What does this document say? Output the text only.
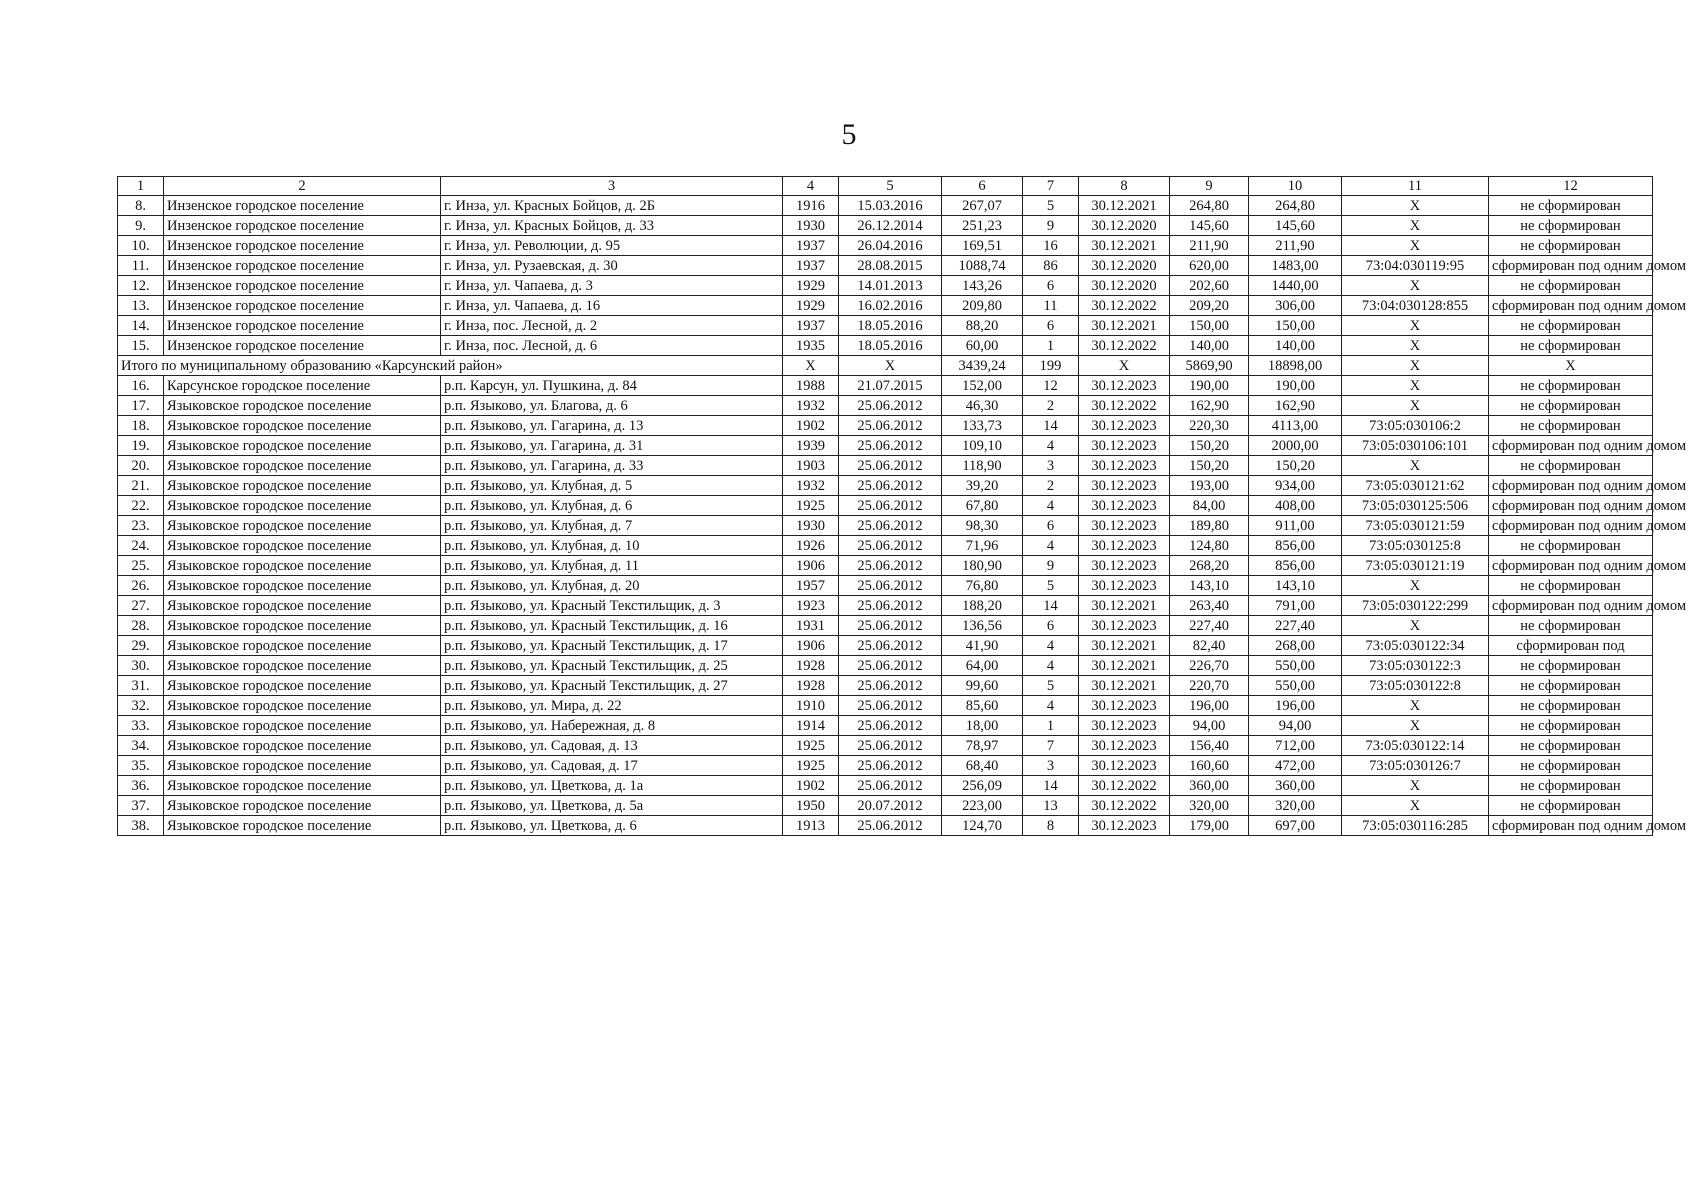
5
1	2	3	4	5	6	7	8	9	10	11	12
8.	Инзенское городское поселение	г. Инза, ул. Красных Бойцов, д. 2Б	1916	15.03.2016	267,07	5	30.12.2021	264,80	264,80	X	не сформирован
9.	Инзенское городское поселение	г. Инза, ул. Красных Бойцов, д. 33	1930	26.12.2014	251,23	9	30.12.2020	145,60	145,60	X	не сформирован
10.	Инзенское городское поселение	г. Инза, ул. Революции, д. 95	1937	26.04.2016	169,51	16	30.12.2021	211,90	211,90	X	не сформирован
11.	Инзенское городское поселение	г. Инза, ул. Рузаевская, д. 30	1937	28.08.2015	1088,74	86	30.12.2020	620,00	1483,00	73:04:030119:95	сформирован под одним домом
12.	Инзенское городское поселение	г. Инза, ул. Чапаева, д. 3	1929	14.01.2013	143,26	6	30.12.2020	202,60	1440,00	X	не сформирован
13.	Инзенское городское поселение	г. Инза, ул. Чапаева, д. 16	1929	16.02.2016	209,80	11	30.12.2022	209,20	306,00	73:04:030128:855	сформирован под одним домом
14.	Инзенское городское поселение	г. Инза, пос. Лесной, д. 2	1937	18.05.2016	88,20	6	30.12.2021	150,00	150,00	X	не сформирован
15.	Инзенское городское поселение	г. Инза, пос. Лесной, д. 6	1935	18.05.2016	60,00	1	30.12.2022	140,00	140,00	X	не сформирован
Итого по муниципальному образованию «Карсунский район»			X	X	3439,24	199	X	5869,90	18898,00	X	X
16.	Карсунское городское поселение	р.п. Карсун, ул. Пушкина, д. 84	1988	21.07.2015	152,00	12	30.12.2023	190,00	190,00	X	не сформирован
17.	Языковское городское поселение	р.п. Языково, ул. Благова, д. 6	1932	25.06.2012	46,30	2	30.12.2022	162,90	162,90	X	не сформирован
18.	Языковское городское поселение	р.п. Языково, ул. Гагарина, д. 13	1902	25.06.2012	133,73	14	30.12.2023	220,30	4113,00	73:05:030106:2	не сформирован
19.	Языковское городское поселение	р.п. Языково, ул. Гагарина, д. 31	1939	25.06.2012	109,10	4	30.12.2023	150,20	2000,00	73:05:030106:101	сформирован под одним домом
20.	Языковское городское поселение	р.п. Языково, ул. Гагарина, д. 33	1903	25.06.2012	118,90	3	30.12.2023	150,20	150,20	X	не сформирован
21.	Языковское городское поселение	р.п. Языково, ул. Клубная, д. 5	1932	25.06.2012	39,20	2	30.12.2023	193,00	934,00	73:05:030121:62	сформирован под одним домом
22.	Языковское городское поселение	р.п. Языково, ул. Клубная, д. 6	1925	25.06.2012	67,80	4	30.12.2023	84,00	408,00	73:05:030125:506	сформирован под одним домом
23.	Языковское городское поселение	р.п. Языково, ул. Клубная, д. 7	1930	25.06.2012	98,30	6	30.12.2023	189,80	911,00	73:05:030121:59	сформирован под одним домом
24.	Языковское городское поселение	р.п. Языково, ул. Клубная, д. 10	1926	25.06.2012	71,96	4	30.12.2023	124,80	856,00	73:05:030125:8	не сформирован
25.	Языковское городское поселение	р.п. Языково, ул. Клубная, д. 11	1906	25.06.2012	180,90	9	30.12.2023	268,20	856,00	73:05:030121:19	сформирован под одним домом
26.	Языковское городское поселение	р.п. Языково, ул. Клубная, д. 20	1957	25.06.2012	76,80	5	30.12.2023	143,10	143,10	X	не сформирован
27.	Языковское городское поселение	р.п. Языково, ул. Красный Текстильщик, д. 3	1923	25.06.2012	188,20	14	30.12.2021	263,40	791,00	73:05:030122:299	сформирован под одним домом
28.	Языковское городское поселение	р.п. Языково, ул. Красный Текстильщик, д. 16	1931	25.06.2012	136,56	6	30.12.2023	227,40	227,40	X	не сформирован
29.	Языковское городское поселение	р.п. Языково, ул. Красный Текстильщик, д. 17	1906	25.06.2012	41,90	4	30.12.2021	82,40	268,00	73:05:030122:34	сформирован под
30.	Языковское городское поселение	р.п. Языково, ул. Красный Текстильщик, д. 25	1928	25.06.2012	64,00	4	30.12.2021	226,70	550,00	73:05:030122:3	не сформирован
31.	Языковское городское поселение	р.п. Языково, ул. Красный Текстильщик, д. 27	1928	25.06.2012	99,60	5	30.12.2021	220,70	550,00	73:05:030122:8	не сформирован
32.	Языковское городское поселение	р.п. Языково, ул. Мира, д. 22	1910	25.06.2012	85,60	4	30.12.2023	196,00	196,00	X	не сформирован
33.	Языковское городское поселение	р.п. Языково, ул. Набережная, д. 8	1914	25.06.2012	18,00	1	30.12.2023	94,00	94,00	X	не сформирован
34.	Языковское городское поселение	р.п. Языково, ул. Садовая, д. 13	1925	25.06.2012	78,97	7	30.12.2023	156,40	712,00	73:05:030122:14	не сформирован
35.	Языковское городское поселение	р.п. Языково, ул. Садовая, д. 17	1925	25.06.2012	68,40	3	30.12.2023	160,60	472,00	73:05:030126:7	не сформирован
36.	Языковское городское поселение	р.п. Языково, ул. Цветкова, д. 1а	1902	25.06.2012	256,09	14	30.12.2022	360,00	360,00	X	не сформирован
37.	Языковское городское поселение	р.п. Языково, ул. Цветкова, д. 5а	1950	20.07.2012	223,00	13	30.12.2022	320,00	320,00	X	не сформирован
38.	Языковское городское поселение	р.п. Языково, ул. Цветкова, д. 6	1913	25.06.2012	124,70	8	30.12.2023	179,00	697,00	73:05:030116:285	сформирован под одним домом
